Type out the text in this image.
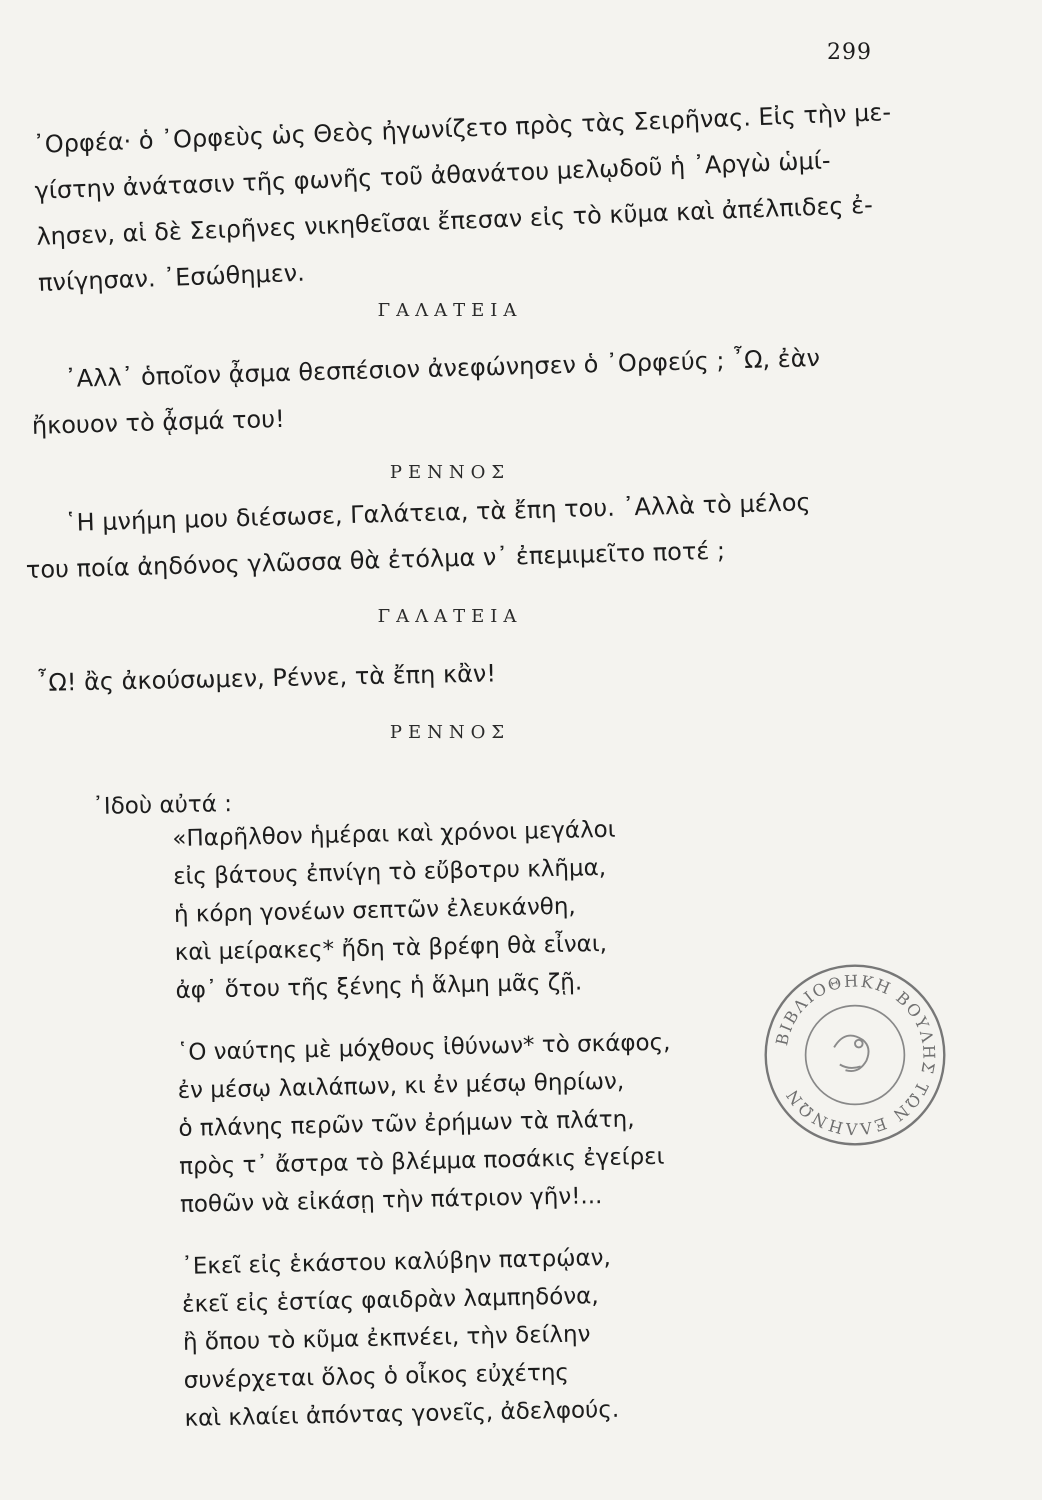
299
᾿Ορφέα· ὁ ᾿Ορφεὺς ὡς Θεὸς ἠγωνίζετο πρὸς τὰς Σειρῆνας. Εἰς τὴν με-
γίστην ἀνάτασιν τῆς φωνῆς τοῦ ἀθανάτου μελῳδοῦ ἡ ᾿Αργὼ ὡμί-
λησεν, αἱ δὲ Σειρῆνες νικηθεῖσαι ἔπεσαν εἰς τὸ κῦμα καὶ ἀπέλπιδες ἐ-
πνίγησαν. ᾿Εσώθημεν.
ΓΑΛΑΤΕΙΑ
᾿Αλλ᾿ ὁποῖον ᾆσμα θεσπέσιον ἀνεφώνησεν ὁ ᾿Ορφεύς ; ῏Ω, ἐὰν
ἤκουον τὸ ᾆσμά του!
ΡΕΝΝΟΣ
῾Η μνήμη μου διέσωσε, Γαλάτεια, τὰ ἔπη του. ᾿Αλλὰ τὸ μέλος
του ποία ἀηδόνος γλῶσσα θὰ ἐτόλμα ν᾿ ἐπεμιμεῖτο ποτέ ;
ΓΑΛΑΤΕΙΑ
῏Ω! ἂς ἀκούσωμεν, Ρέννε, τὰ ἔπη κἂν!
ΡΕΝΝΟΣ
᾿Ιδοὺ αὐτά :
«Παρῆλθον ἡμέραι καὶ χρόνοι μεγάλοι
εἰς βάτους ἐπνίγη τὸ εὔβοτρυ κλῆμα,
ἡ κόρη γονέων σεπτῶν ἐλευκάνθη,
καὶ μείρακες* ἤδη τὰ βρέφη θὰ εἶναι,
ἀφ᾿ ὅτου τῆς ξένης ἡ ἅλμη μᾶς ζῇ.
῾Ο ναύτης μὲ μόχθους ἰθύνων* τὸ σκάφος,
ἐν μέσῳ λαιλάπων, κι ἐν μέσῳ θηρίων,
ὁ πλάνης περῶν τῶν ἐρήμων τὰ πλάτη,
πρὸς τ᾿ ἄστρα τὸ βλέμμα ποσάκις ἐγείρει
ποθῶν νὰ εἰκάσῃ τὴν πάτριον γῆν!...
᾿Εκεῖ εἰς ἑκάστου καλύβην πατρῴαν,
ἐκεῖ εἰς ἑστίας φαιδρὰν λαμπηδόνα,
ἢ ὅπου τὸ κῦμα ἐκπνέει, τὴν δείλην
συνέρχεται ὅλος ὁ οἶκος εὐχέτης
καὶ κλαίει ἀπόντας γονεῖς, ἀδελφούς.
ΒΙΒΛΙΟΘΗΚΗ ΒΟΥΛΗΣ ΤΩΝ ΕΛΛΗΝΩΝ
